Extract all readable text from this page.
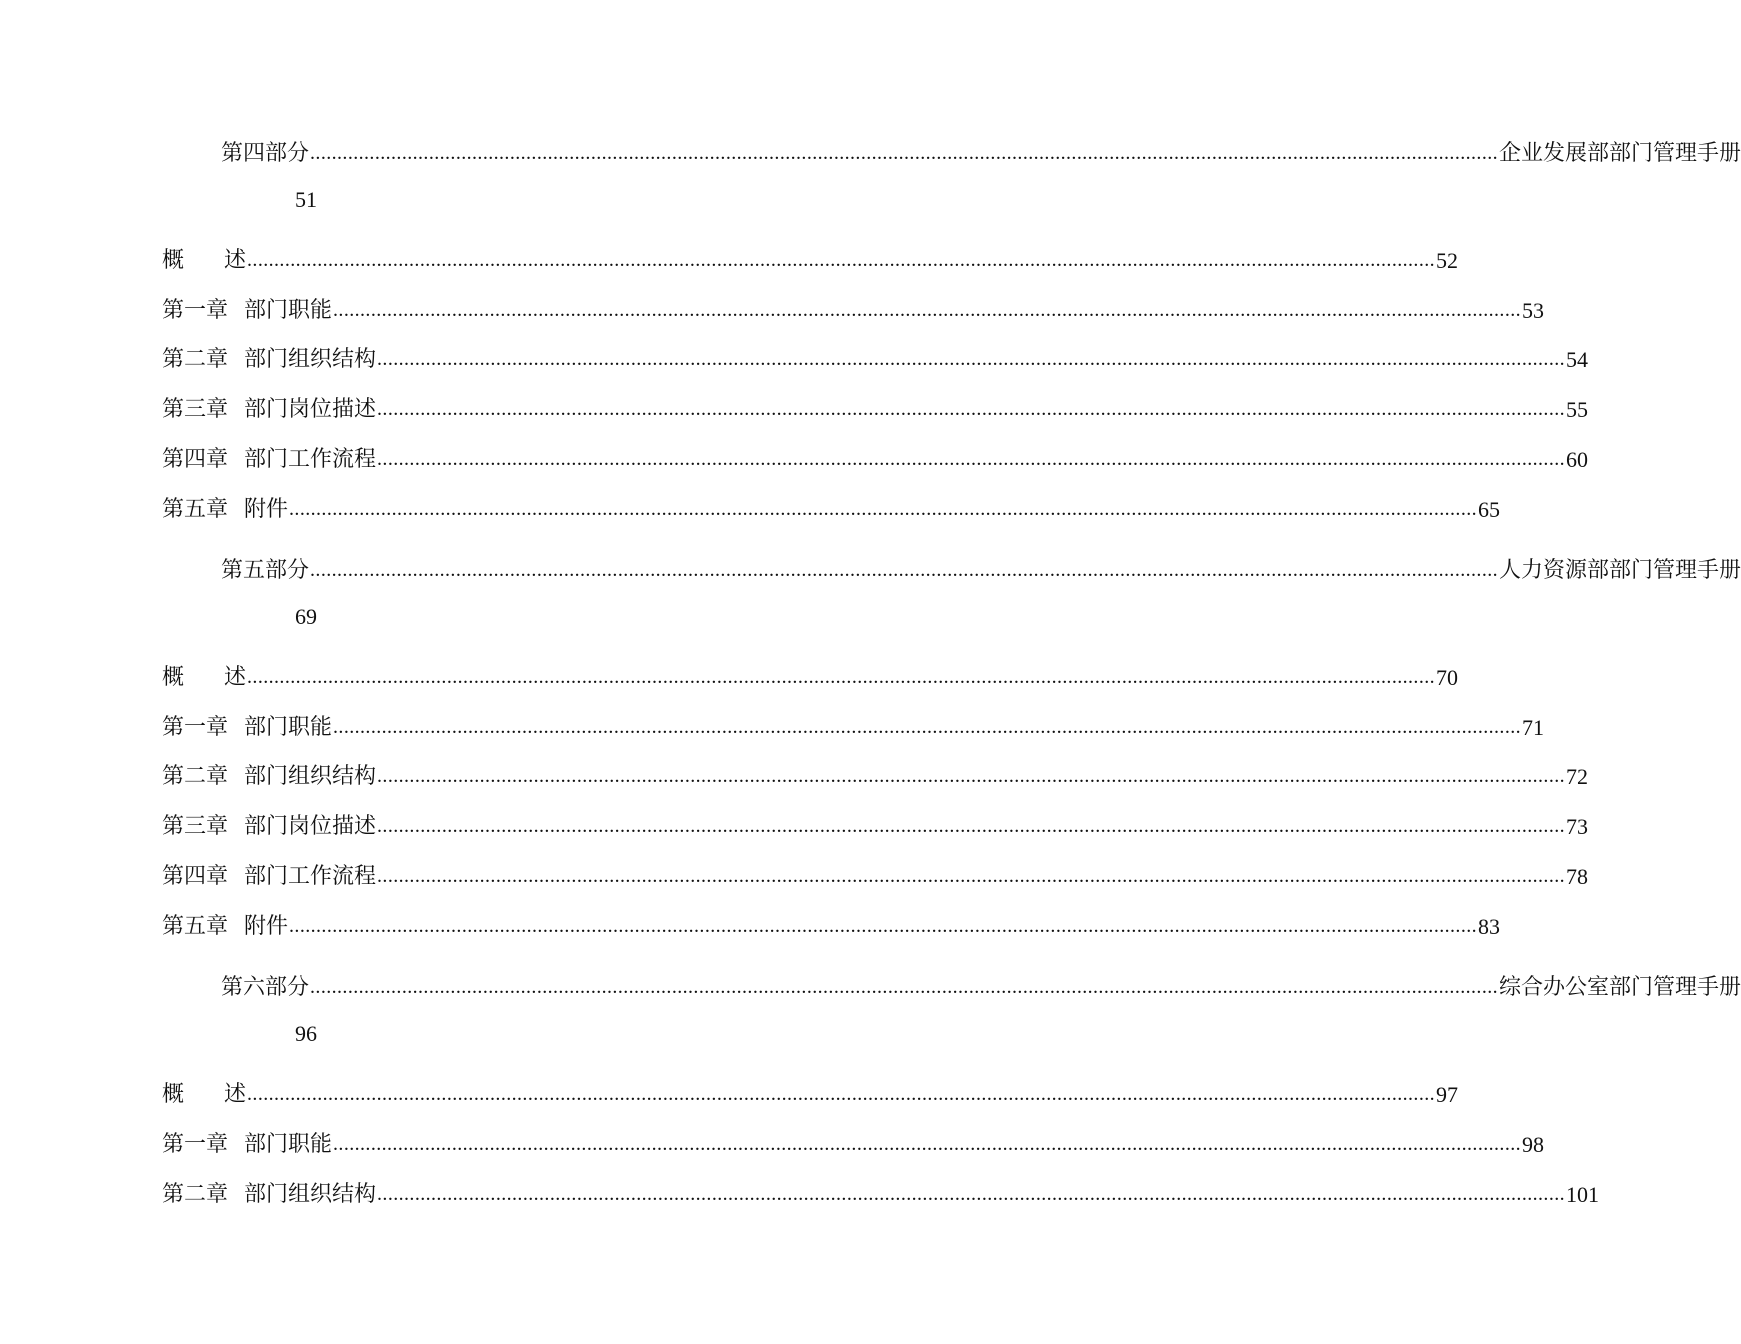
第四部分 ............................................................................................................................................................................................................................ 企业发展部部门管理手册
51
概 述 ............................................................................................................................................................................................................................ 52
第一章 部门职能 ............................................................................................................................................................................................................................ 53
第二章 部门组织结构 ............................................................................................................................................................................................................................ 54
第三章 部门岗位描述 ............................................................................................................................................................................................................................ 55
第四章 部门工作流程 ............................................................................................................................................................................................................................ 60
第五章 附件 ............................................................................................................................................................................................................................ 65
第五部分 ............................................................................................................................................................................................................................ 人力资源部部门管理手册
69
概 述 ............................................................................................................................................................................................................................ 70
第一章 部门职能 ............................................................................................................................................................................................................................ 71
第二章 部门组织结构 ............................................................................................................................................................................................................................ 72
第三章 部门岗位描述 ............................................................................................................................................................................................................................ 73
第四章 部门工作流程 ............................................................................................................................................................................................................................ 78
第五章 附件 ............................................................................................................................................................................................................................ 83
第六部分 ............................................................................................................................................................................................................................ 综合办公室部门管理手册
96
概 述 ............................................................................................................................................................................................................................ 97
第一章 部门职能 ............................................................................................................................................................................................................................ 98
第二章 部门组织结构 ............................................................................................................................................................................................................................ 101
